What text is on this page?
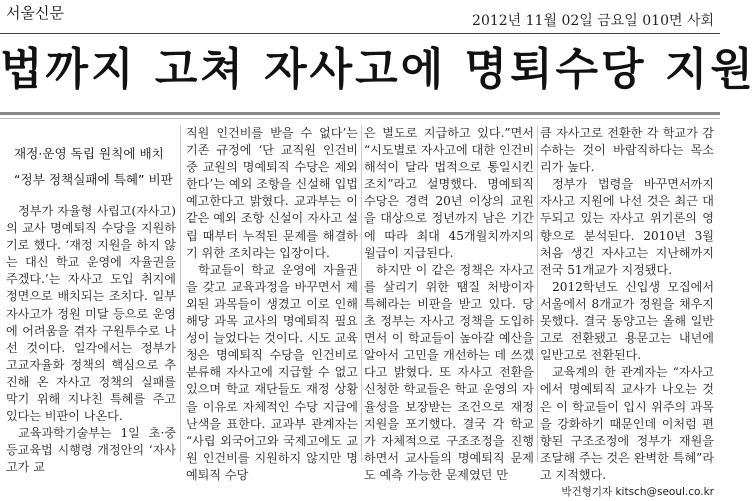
서울신문	2012년 11월 02일 금요일 010면 사회
법까지 고쳐 자사고에 명퇴수당 지원
재정·운영 독립 원칙에 배치
“정부 정책실패에 특혜” 비판

정부가 자율형 사립고(자사고)의 교사 명예퇴직 수당을 지원하기로 했다. ‘재정 지원을 하지 않는 대신 학교 운영에 자율권을 주겠다.’는 자사고 도입 취지에 정면으로 배치되는 조치다. 일부 자사고가 정원 미달 등으로 운영에 어려움을 겪자 구원투수로 나선 것이다. 일각에서는 정부가 고교자율화 정책의 핵심으로 추진해 온 자사고 정책의 실패를 막기 위해 지나친 특혜를 주고 있다는 비판이 나온다.

교육과학기술부는 1일 초·중등교육법 시행령 개정안의 ‘자사고가 교

직원 인건비를 받을 수 없다’는 기존 규정에 ‘단 교직원 인건비 중 교원의 명예퇴직 수당은 제외한다’는 예외 조항을 신설해 입법 예고한다고 밝혔다. 교과부는 이 같은 예외 조항 신설이 자사고 설립 때부터 누적된 문제를 해결하기 위한 조치라는 입장이다.

학교들이 학교 운영에 자율권을 갖고 교육과정을 바꾸면서 제외된 과목들이 생겼고 이로 인해 해당 과목 교사의 명예퇴직 필요성이 늘었다는 것이다. 시도 교육청은 명예퇴직 수당을 인건비로 분류해 자사고에 지급할 수 없고 있으며 학교 재단들도 재정 상황을 이유로 자체적인 수당 지급에 난색을 표한다. 교과부 관계자는 “사립 외국어고와 국제고에도 교원 인건비를 지원하지 않지만 명예퇴직 수당

은 별도로 지급하고 있다.”면서 “시도별로 자사고에 대한 인건비 해석이 달라 법적으로 통일시킨 조치”라고 설명했다. 명예퇴직 수당은 경력 20년 이상의 교원을 대상으로 정년까지 남은 기간에 따라 최대 45개월치까지의 월급이 지급된다.

하지만 이 같은 정책은 자사고를 살리기 위한 땜질 처방이자 특혜라는 비판을 받고 있다. 당초 정부는 자사고 정책을 도입하면서 이 학교들이 높아갈 예산을 알아서 고민을 개선하는 데 쓰겠다고 밝혔다. 또 자사고 전환을 신청한 학교들은 학교 운영의 자율성을 보장받는 조건으로 재정 지원을 포기했다. 결국 각 학교가 자체적으로 구조조정을 진행하면서 교사들의 명예퇴직 문제도 예측 가능한 문제였던 만

큼 자사고로 전환한 각 학교가 감수하는 것이 바람직하다는 목소리가 높다.

정부가 법령을 바꾸면서까지 자사고 지원에 나선 것은 최근 대두되고 있는 자사고 위기론의 영향으로 분석된다. 2010년 3월 처음 생긴 자사고는 지난해까지 전국 51개교가 지정됐다.

2012학년도 신입생 모집에서 서울에서 8개교가 정원을 채우지 못했다. 결국 동양고는 올해 일반고로 전환됐고 용문고는 내년에 일반고로 전환된다.

교육계의 한 관계자는 “자사고에서 명예퇴직 교사가 나오는 것은 이 학교들이 입시 위주의 과목을 강화하기 때문인데 이처럼 편향된 구조조정에 정부가 재원을 조달해 주는 것은 완벽한 특혜”라고 지적했다.

박건형기자 kitsch@seoul.co.kr
